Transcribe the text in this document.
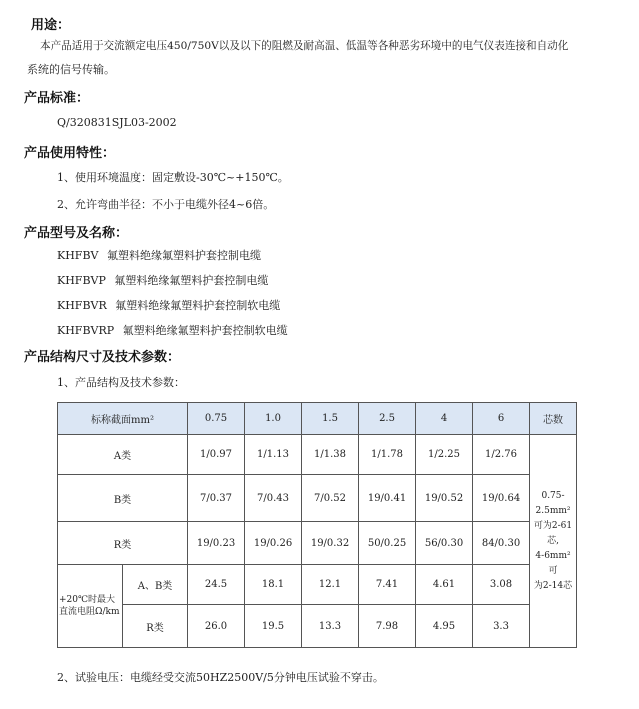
用途：
本产品适用于交流额定电压450/750V以及以下的阻燃及耐高温、低温等各种恶劣环境中的电气仪表连接和自动化
系统的信号传输。
产品标准：
Q/320831SJL03-2002
产品使用特性：
1、使用环境温度：固定敷设-30℃~+150℃。
2、允许弯曲半径：不小于电缆外径4~6倍。
产品型号及名称：
KHFBV 氟塑料绝缘氟塑料护套控制电缆
KHFBVP 氟塑料绝缘氟塑料护套控制电缆
KHFBVR 氟塑料绝缘氟塑料护套控制软电缆
KHFBVRP 氟塑料绝缘氟塑料护套控制软电缆
产品结构尺寸及技术参数：
1、产品结构及技术参数：
标称截面mm²		0.75	1.0	1.5	2.5	4	6	芯数
A类		1/0.97	1/1.13	1/1.38	1/1.78	1/2.25	1/2.76	0.75-2.5mm²
可为2-61芯,
4-6mm²可
为2-14芯

B类		7/0.37	7/0.43	7/0.52	19/0.41	19/0.52	19/0.64	
R类		19/0.23	19/0.26	19/0.32	50/0.25	56/0.30	84/0.30	

+20℃时最大
直流电阻Ω/km	A、B类	24.5	18.1	12.1	7.41	4.61	3.08	
	R类	26.0	19.5	13.3	7.98	4.95	3.3	
2、试验电压：电缆经受交流50HZ2500V/5分钟电压试验不穿击。
